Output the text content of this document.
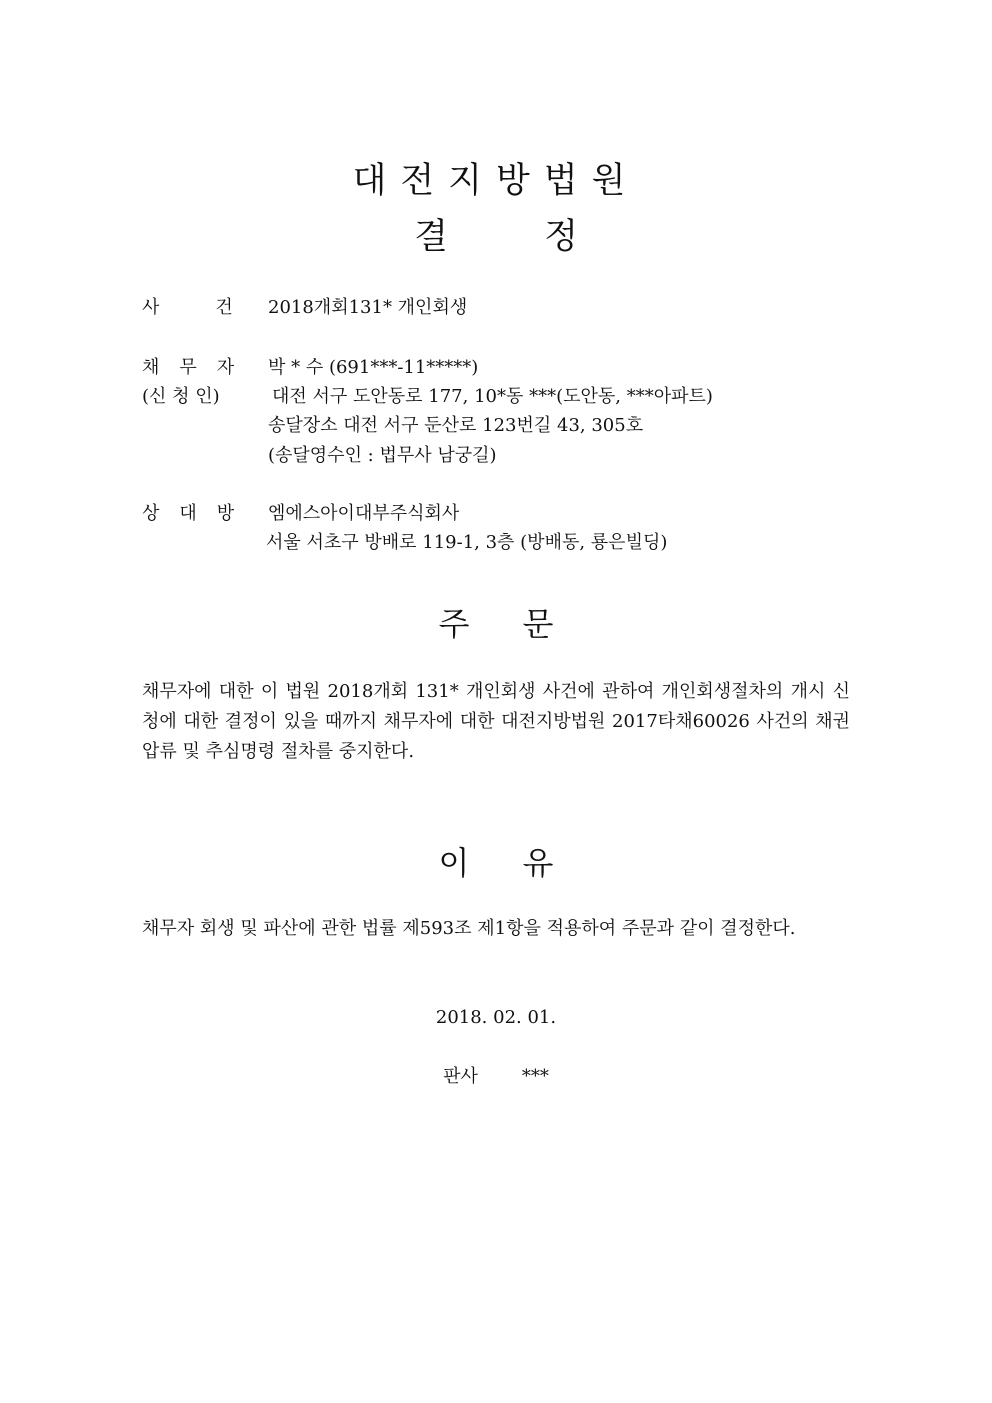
대전지방법원
결	정
사	건 2018개회131* 개인회생
채 무 자 박 * 수 (691***-11*****)
(신 청 인)	대전 서구 도안동로 177, 10*동 ***(도안동, ***아파트)
송달장소 대전 서구 둔산로 123번길 43, 305호
(송달영수인 : 법무사 남궁길)
상 대 방 엠에스아이대부주식회사
서울 서초구 방배로 119-1, 3층 (방배동, 룡은빌딩)
주 문
채무자에 대한 이 법원 2018개회 131* 개인회생 사건에 관하여 개인회생절차의 개시 신청에 대한 결정이 있을 때까지 채무자에 대한 대전지방법원 2017타채60026 사건의 채권압류 및 추심명령 절차를 중지한다.
이 유
채무자 회생 및 파산에 관한 법률 제593조 제1항을 적용하여 주문과 같이 결정한다.
2018. 02. 01.
판사 ***
